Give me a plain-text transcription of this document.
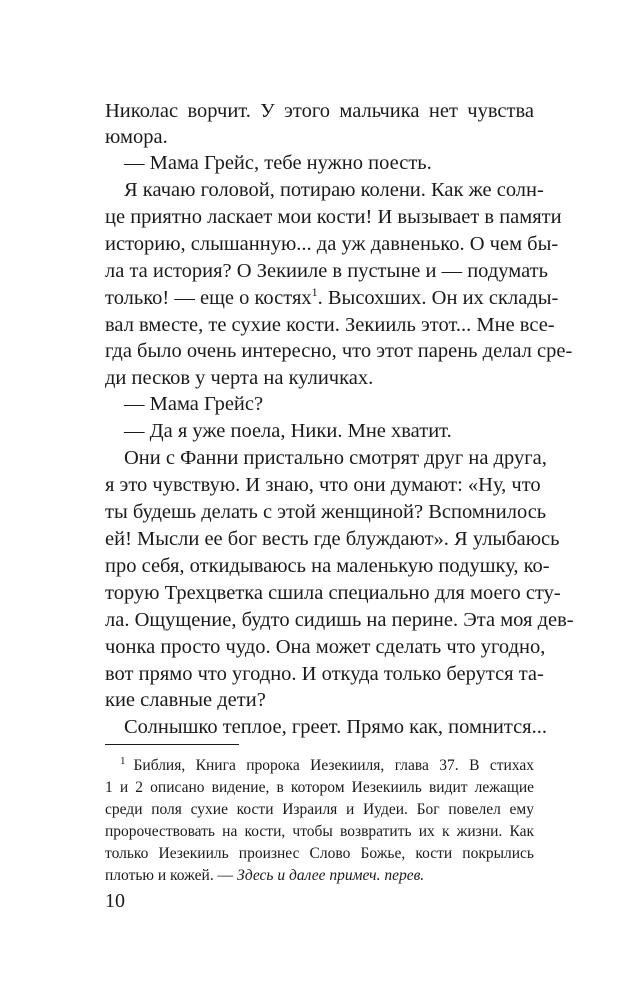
Николас ворчит. У этого мальчика нет чувства
юмора.
— Мама Грейс, тебе нужно поесть.
Я качаю головой, потираю колени. Как же солн-
це приятно ласкает мои кости! И вызывает в памяти
историю, слышанную... да уж давненько. О чем бы-
ла та история? О Зекииле в пустыне и — подумать
только! — еще о костях$^1$. Высохших. Он их склады-
вал вместе, те сухие кости. Зекииль этот... Мне все-
гда было очень интересно, что этот парень делал сре-
ди песков у черта на куличках.
— Мама Грейс?
— Да я уже поела, Ники. Мне хватит.
Они с Фанни пристально смотрят друг на друга,
я это чувствую. И знаю, что они думают: «Ну, что
ты будешь делать с этой женщиной? Вспомнилось
ей! Мысли ее бог весть где блуждают». Я улыбаюсь
про себя, откидываюсь на маленькую подушку, ко-
торую Трехцветка сшила специально для моего сту-
ла. Ощущение, будто сидишь на перине. Эта моя дев-
чонка просто чудо. Она может сделать что угодно,
вот прямо что угодно. И откуда только берутся та-
кие славные дети?
Солнышко теплое, греет. Прямо как, помнится...
$^1$ Библия, Книга пророка Иезекииля, глава 37. В стихах
1 и 2 описано видение, в котором Иезекииль видит лежащие
среди поля сухие кости Израиля и Иудеи. Бог повелел ему
пророчествовать на кости, чтобы возвратить их к жизни. Как
только Иезекииль произнес Слово Божье, кости покрылись
плотью и кожей. — Здесь и далее примеч. перев.
10
